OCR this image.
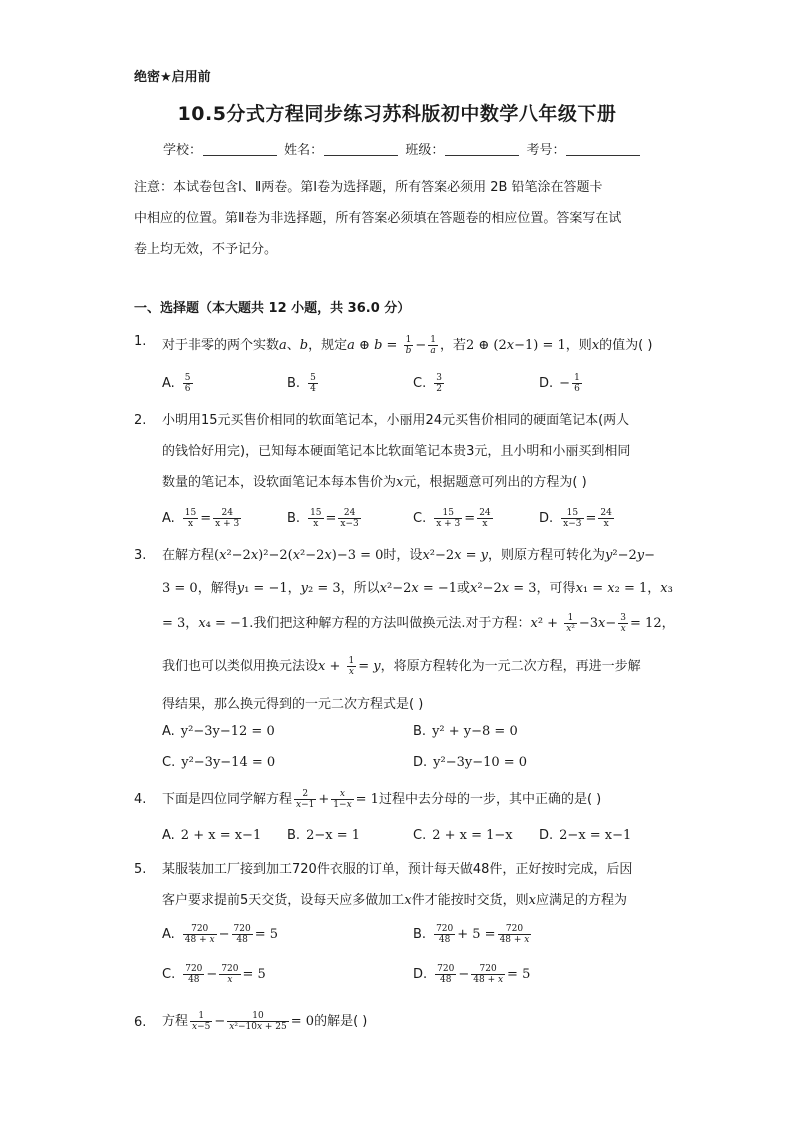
绝密★启用前
10.5分式方程同步练习苏科版初中数学八年级下册
学校：	姓名：	班级：	考号：
注意：本试卷包含Ⅰ、Ⅱ两卷。第Ⅰ卷为选择题，所有答案必须用 2B 铅笔涂在答题卡
中相应的位置。第Ⅱ卷为非选择题，所有答案必须填在答题卷的相应位置。答案写在试
卷上均无效，不予记分。
一、选择题（本大题共 12 小题，共 36.0 分）
1. 对于非零的两个实数a、b，规定a ⊕ $b = \frac{1}{b} - \frac{1}{a}$ ，若2 ⊕ (2x−1) = 1，则x的值为( )
A. $\frac{5}{6}$	B. $\frac{5}{4}$	C. $\frac{3}{2}$	D. − $\frac{1}{6}$
2. 小明用15元买售价相同的软面笔记本，小丽用24元买售价相同的硬面笔记本(两人
的钱恰好用完)，已知每本硬面笔记本比软面笔记本贵3元，且小明和小丽买到相同
数量的笔记本，设软面笔记本每本售价为x元，根据题意可列出的方程为( )
A. $\frac{15}{x} = \frac{24}{x + 3}$	B. $\frac{15}{x} = \frac{24}{x-3}$	C. $\frac{15}{x + 3} = \frac{24}{x}$	D. $\frac{15}{x-3} = \frac{24}{x}$
3. 在解方程(x²−2x)²−2(x²−2x)−3 = 0时，设x²−2x = y，则原方程可转化为y²−2y−
3 = 0，解得y₁ = −1，y₂ = 3，所以x²−2x = −1或x²−2x = 3，可得x₁ = x₂ = 1，x₃
= 3，x₄ = −1.我们把这种解方程的方法叫做换元法.对于方程：$x^2 + \frac{1}{\text{x²}} -3x- \frac{3}{x} = 12$，
我们也可以类似用换元法设$x + \frac{1}{x} = y$，将原方程转化为一元二次方程，再进一步解
得结果，那么换元得到的一元二次方程式是( )
A. y²−3y−12 = 0	B. y² + y−8 = 0
C. y²−3y−14 = 0	D. y²−3y−10 = 0
4. 下面是四位同学解方程 $\frac{2}{x-1} + \frac{x}{1-x} = 1$过程中去分母的一步，其中正确的是( )
A. 2 + x = x−1 B. 2−x = 1	C. 2 + x = 1−x D. 2−x = x−1
5. 某服装加工厂接到加工720件衣服的订单，预计每天做48件，正好按时完成，后因
客户要求提前5天交货，设每天应多做加工x件才能按时交货，则x应满足的方程为
A. $\frac{720}{48 + x} - \frac{720}{48} = 5$	B. $\frac{720}{48} + 5 = \frac{720}{48 + x}$
C. $\frac{720}{48} - \frac{720}{x} = 5$	D. $\frac{720}{48} - \frac{720}{48 + x} = 5$
6. 方程 $\frac{1}{x-5} - \frac{10}{\text{x²−10x + 25}} = 0$的解是( )
